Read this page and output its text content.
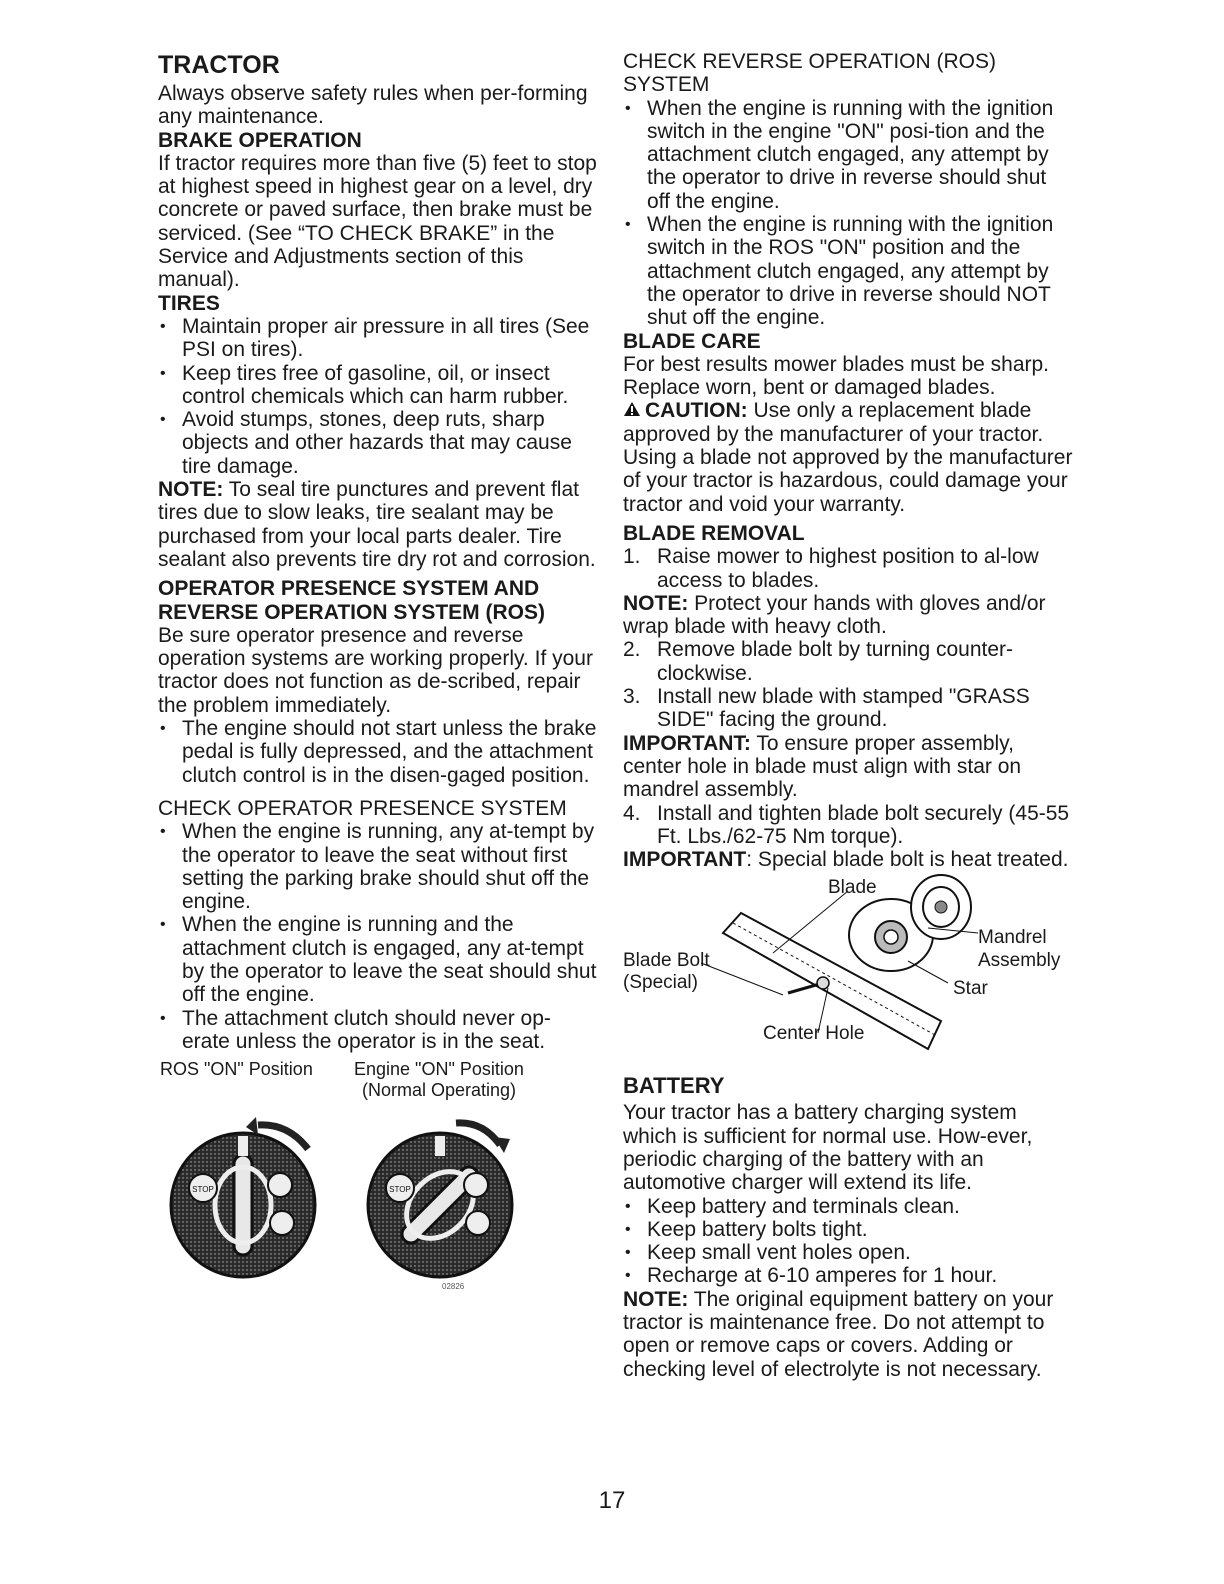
TRACTOR

Always observe safety rules when per-forming any maintenance.

BRAKE OPERATION

If tractor requires more than five (5) feet to stop at highest speed in highest gear on a level, dry concrete or paved surface, then brake must be serviced. (See “TO CHECK BRAKE” in the Service and Adjustments section of this manual).

TIRES

• Maintain proper air pressure in all tires (See PSI on tires).

• Keep tires free of gasoline, oil, or insect control chemicals which can harm rubber.

• Avoid stumps, stones, deep ruts, sharp objects and other hazards that may cause tire damage.

NOTE: To seal tire punctures and prevent flat tires due to slow leaks, tire sealant may be purchased from your local parts dealer. Tire sealant also prevents tire dry rot and corrosion.

OPERATOR PRESENCE SYSTEM AND REVERSE OPERATION SYSTEM (ROS)

Be sure operator presence and reverse operation systems are working properly. If your tractor does not function as de-scribed, repair the problem immediately.

• The engine should not start unless the brake pedal is fully depressed, and the attachment clutch control is in the disen-gaged position.

CHECK OPERATOR PRESENCE SYSTEM

• When the engine is running, any at-tempt by the operator to leave the seat without first setting the parking brake should shut off the engine.

• When the engine is running and the attachment clutch is engaged, any at-tempt by the operator to leave the seat should shut off the engine.

• The attachment clutch should never op-erate unless the operator is in the seat.

ROS "ON" Position Engine "ON" Position
(Normal Operating)
STOP	STOP
02826

CHECK REVERSE OPERATION (ROS) SYSTEM

• When the engine is running with the ignition switch in the engine "ON" posi-tion and the attachment clutch engaged, any attempt by the operator to drive in reverse should shut off the engine.

• When the engine is running with the ignition switch in the ROS "ON" position and the attachment clutch engaged, any attempt by the operator to drive in reverse should NOT shut off the engine.

BLADE CARE

For best results mower blades must be sharp. Replace worn, bent or damaged blades.

CAUTION: Use only a replacement blade approved by the manufacturer of your tractor. Using a blade not approved by the manufacturer of your tractor is hazardous, could damage your tractor and void your warranty.

BLADE REMOVAL

1. Raise mower to highest position to al-low access to blades.

NOTE: Protect your hands with gloves and/or wrap blade with heavy cloth.

2. Remove blade bolt by turning counter-clockwise.

3. Install new blade with stamped "GRASS SIDE" facing the ground.

IMPORTANT: To ensure proper assembly, center hole in blade must align with star on mandrel assembly.

4. Install and tighten blade bolt securely (45-55 Ft. Lbs./62-75 Nm torque).

IMPORTANT: Special blade bolt is heat treated.

Blade
Mandrel
Assembly
Blade Bolt
(Special)	Star
Center Hole

BATTERY

Your tractor has a battery charging system which is sufficient for normal use. How-ever, periodic charging of the battery with an automotive charger will extend its life.

• Keep battery and terminals clean.

• Keep battery bolts tight.

• Keep small vent holes open.

• Recharge at 6-10 amperes for 1 hour.

NOTE: The original equipment battery on your tractor is maintenance free. Do not attempt to open or remove caps or covers. Adding or checking level of electrolyte is not necessary.

17
